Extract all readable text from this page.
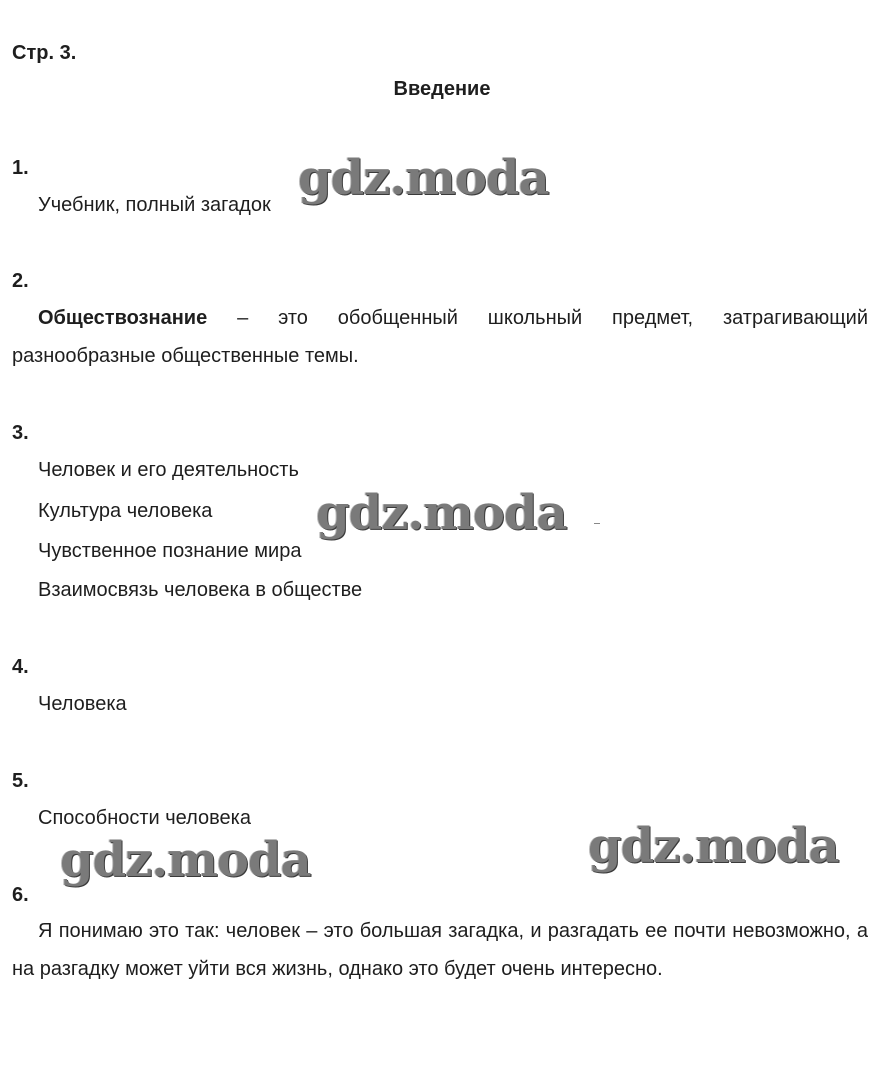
Стр. 3.
Введение
1.
Учебник, полный загадок
2.
Обществознание – это обобщенный школьный предмет, затрагивающий разнообразные общественные темы.
3.
Человек и его деятельность
Культура человека
Чувственное познание мира
Взаимосвязь человека в обществе
4.
Человека
5.
Способности человека
6.
Я понимаю это так: человек – это большая загадка, и разгадать ее почти невозможно, а на разгадку может уйти вся жизнь, однако это будет очень интересно.
gdz.moda
gdz.moda
gdz.moda	gdz.moda
